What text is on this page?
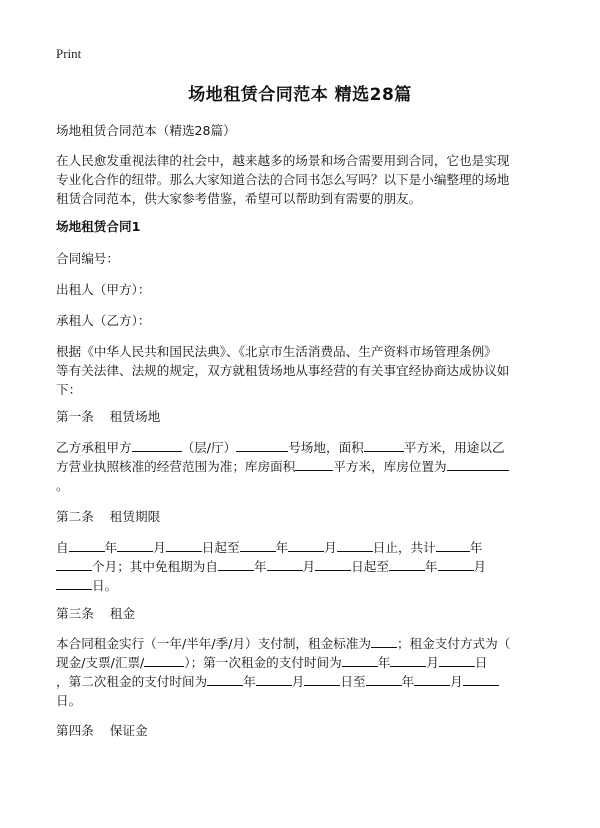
Print
场地租赁合同范本 精选28篇
场地租赁合同范本（精选28篇）
在人民愈发重视法律的社会中，越来越多的场景和场合需要用到合同，它也是实现
专业化合作的纽带。那么大家知道合法的合同书怎么写吗？以下是小编整理的场地
租赁合同范本，供大家参考借鉴，希望可以帮助到有需要的朋友。
场地租赁合同1
合同编号：
出租人（甲方）：
承租人（乙方）：
根据《中华人民共和国民法典》、《北京市生活消费品、生产资料市场管理条例》
等有关法律、法规的规定，双方就租赁场地从事经营的有关事宜经协商达成协议如
下：
第一条    租赁场地
乙方承租甲方	（层/厅）	号场地，面积	平方米，用途以乙
方营业执照核准的经营范围为准；库房面积	平方米，库房位置为
。
第二条    租赁期限
自	年	月	日起至	年	月	日止，共计	年
个月；其中免租期为自	年	月	日起至	年	月
日。
第三条    租金
本合同租金实行（一年/半年/季/月）支付制，租金标准为 ；租金支付方式为（
现金/支票/汇票/	）；第一次租金的支付时间为	年	月	日
，第二次租金的支付时间为	年	月	日至	年	月
日。
第四条    保证金
